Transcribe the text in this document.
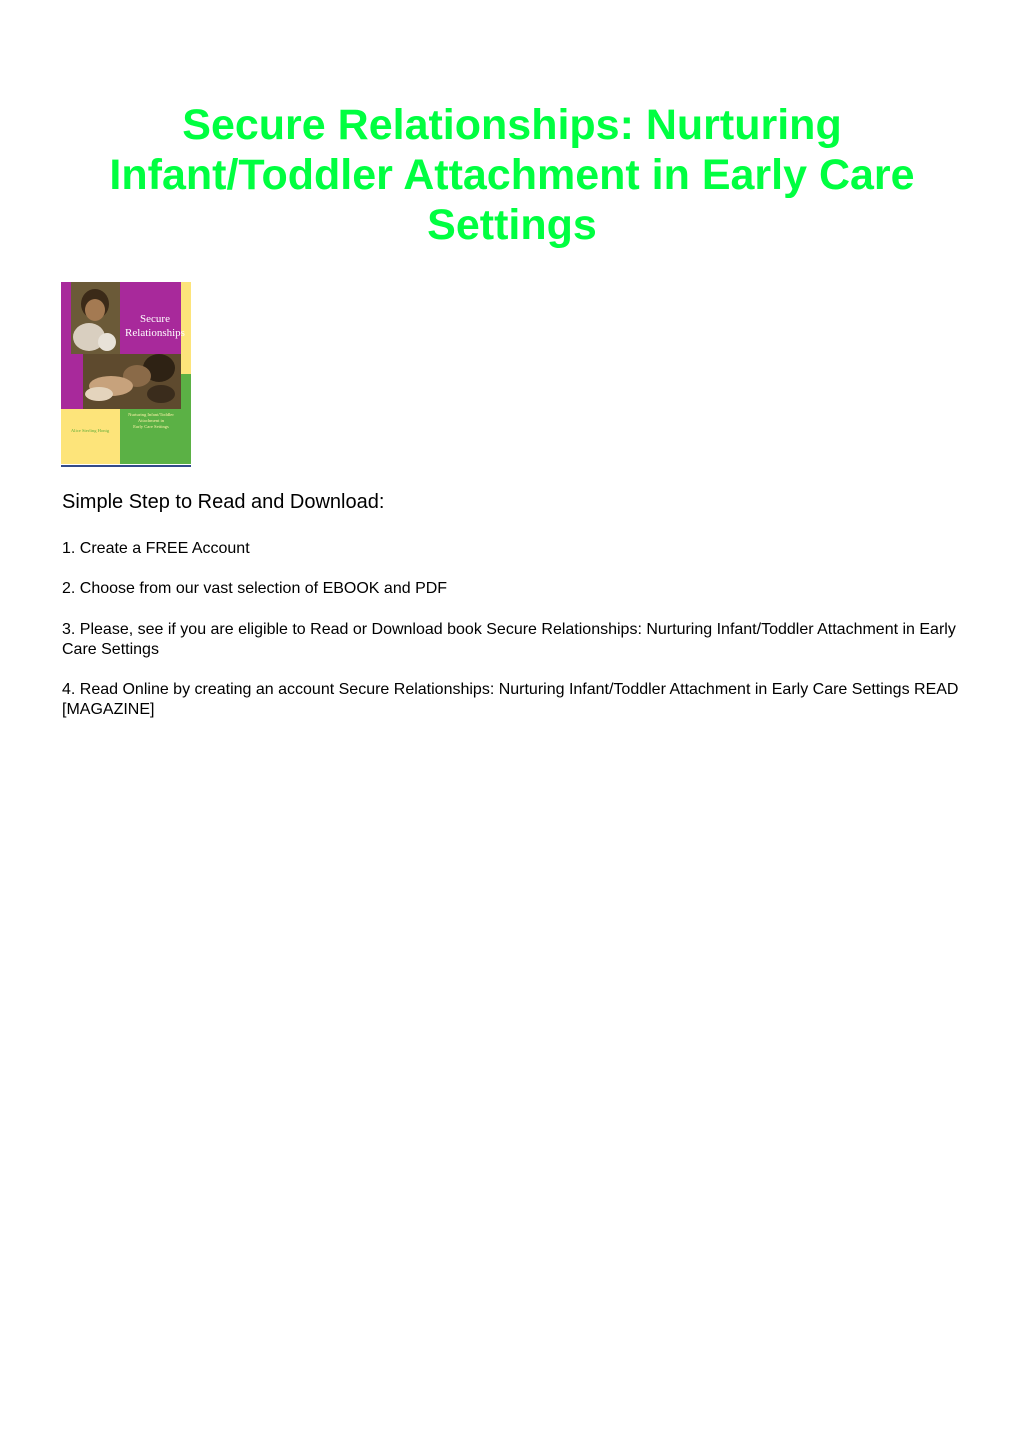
Secure Relationships: Nurturing Infant/Toddler Attachment in Early Care Settings
Secure
Relationships
Nurturing Infant/Toddler
Attachment in
Early Care Settings
Alice Sterling Honig
Simple Step to Read and Download:

1. Create a FREE Account

2. Choose from our vast selection of EBOOK and PDF

3. Please, see if you are eligible to Read or Download book Secure Relationships: Nurturing Infant/Toddler Attachment in Early Care Settings

4. Read Online by creating an account Secure Relationships: Nurturing Infant/Toddler Attachment in Early Care Settings READ [MAGAZINE]
